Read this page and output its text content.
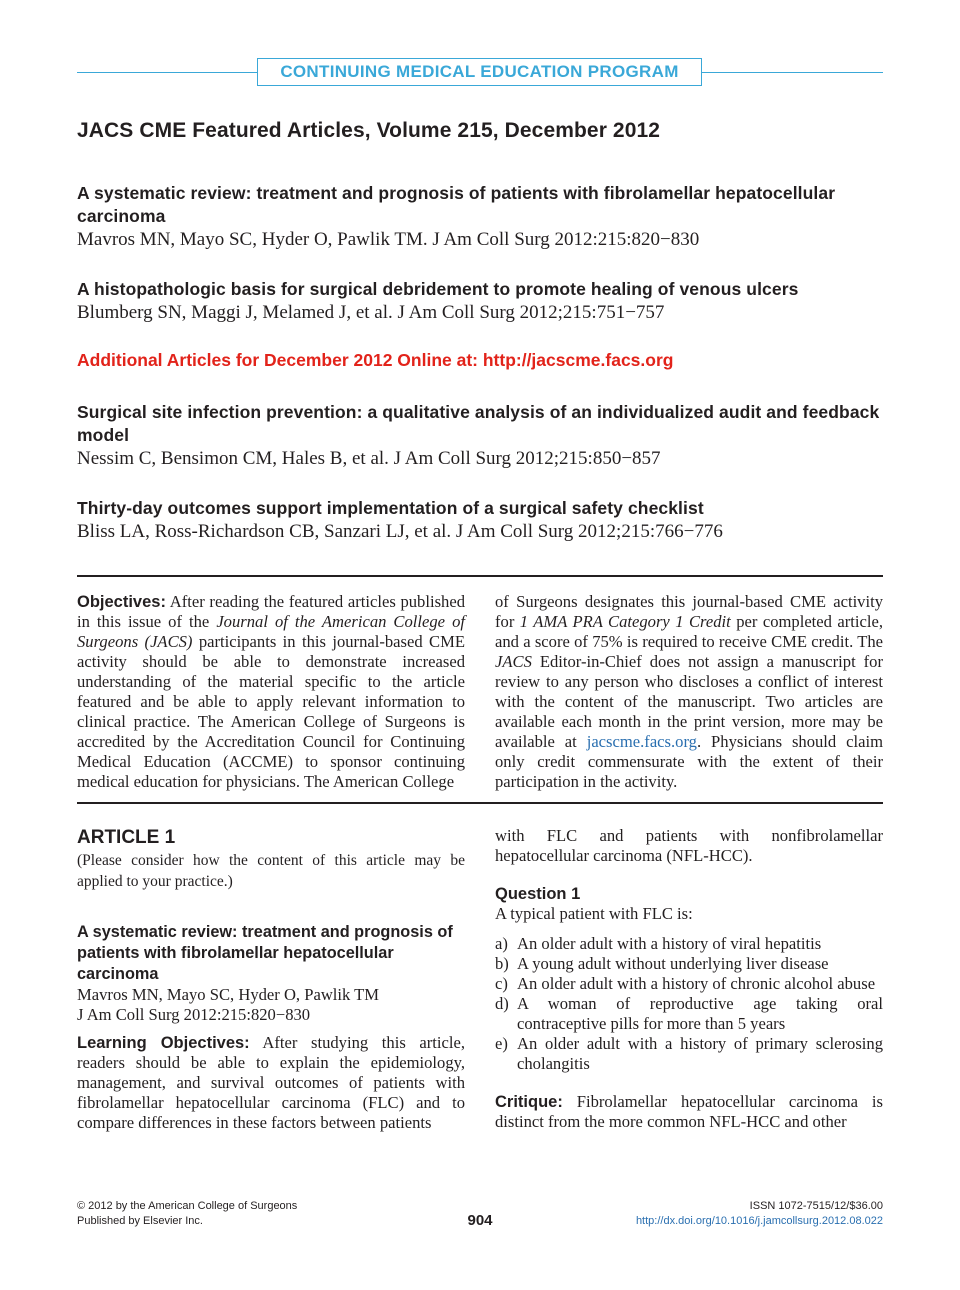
CONTINUING MEDICAL EDUCATION PROGRAM
JACS CME Featured Articles, Volume 215, December 2012
A systematic review: treatment and prognosis of patients with fibrolamellar hepatocellular carcinoma
Mavros MN, Mayo SC, Hyder O, Pawlik TM. J Am Coll Surg 2012:215:820−830
A histopathologic basis for surgical debridement to promote healing of venous ulcers
Blumberg SN, Maggi J, Melamed J, et al. J Am Coll Surg 2012;215:751−757
Additional Articles for December 2012 Online at: http://jacscme.facs.org
Surgical site infection prevention: a qualitative analysis of an individualized audit and feedback model
Nessim C, Bensimon CM, Hales B, et al. J Am Coll Surg 2012;215:850−857
Thirty-day outcomes support implementation of a surgical safety checklist
Bliss LA, Ross-Richardson CB, Sanzari LJ, et al. J Am Coll Surg 2012;215:766−776
Objectives: After reading the featured articles published in this issue of the Journal of the American College of Surgeons (JACS) participants in this journal-based CME activity should be able to demonstrate increased understanding of the material specific to the article featured and be able to apply relevant information to clinical practice. The American College of Surgeons is accredited by the Accreditation Council for Continuing Medical Education (ACCME) to sponsor continuing medical education for physicians. The American College
of Surgeons designates this journal-based CME activity for 1 AMA PRA Category 1 Credit per completed article, and a score of 75% is required to receive CME credit. The JACS Editor-in-Chief does not assign a manuscript for review to any person who discloses a conflict of interest with the content of the manuscript. Two articles are available each month in the print version, more may be available at jacscme.facs.org. Physicians should claim only credit commensurate with the extent of their participation in the activity.

ARTICLE 1

(Please consider how the content of this article may be applied to your practice.)

A systematic review: treatment and prognosis of patients with fibrolamellar hepatocellular carcinoma

Mavros MN, Mayo SC, Hyder O, Pawlik TM

J Am Coll Surg 2012:215:820−830

Learning Objectives: After studying this article, readers should be able to explain the epidemiology, management, and survival outcomes of patients with fibrolamellar hepatocellular carcinoma (FLC) and to compare differences in these factors between patients

with FLC and patients with nonfibrolamellar hepatocellular carcinoma (NFL-HCC).

Question 1

A typical patient with FLC is:

a) An older adult with a history of viral hepatitis
b) A young adult without underlying liver disease
c) An older adult with a history of chronic alcohol abuse
d) A woman of reproductive age taking oral contraceptive pills for more than 5 years
e) An older adult with a history of primary sclerosing cholangitis

Critique: Fibrolamellar hepatocellular carcinoma is distinct from the more common NFL-HCC and other

© 2012 by the American College of Surgeons
Published by Elsevier Inc.	904
ISSN 1072-7515/12/$36.00
http://dx.doi.org/10.1016/j.jamcollsurg.2012.08.022
